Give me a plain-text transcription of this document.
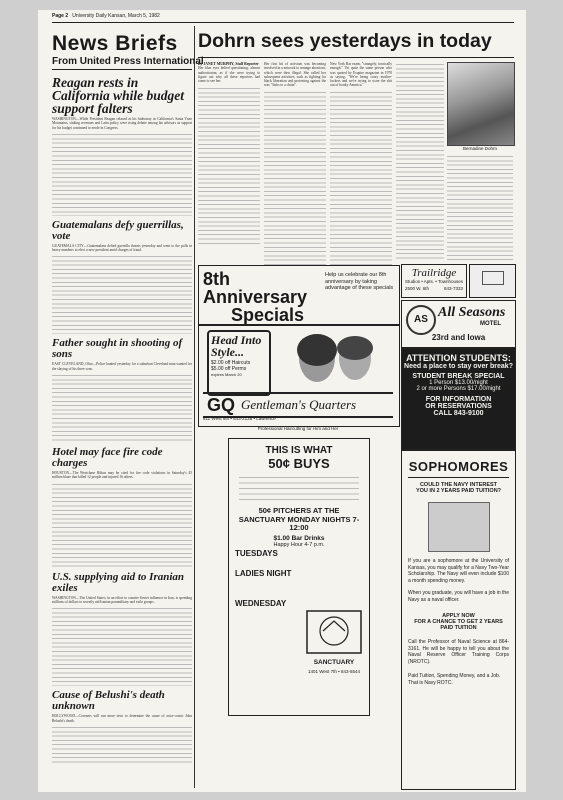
Page 2 University Daily Kansan, March 5, 1982
News Briefs
From United Press International
Reagan rests in California while budget support falters
WASHINGTON—While President Reagan relaxed at his hideaway in California's Santa Ynez Mountains, sinking revenues and Latin policy were rising debate among his advisors as support for his budget continued to erode in Congress.
Guatemalans defy guerrillas, vote
GUATEMALA CITY—Guatemalans defied guerrilla threats yesterday and went to the polls in heavy numbers to elect a new president amid charges of fraud.
Father sought in shooting of sons
EAST CLEVELAND, Ohio—Police hunted yesterday for a suburban Cleveland man wanted for the slaying of his three sons.
Hotel may face fire code charges
HOUSTON—The Westchase Hilton may be cited for fire code violations in Saturday's 45 million blaze that killed 12 people and injured 16 others.
U.S. supplying aid to Iranian exiles
WASHINGTON—The United States, in an effort to counter Soviet influence in Iran, is spending millions of dollars to secretly aid Iranian paramilitary and exile groups.
Cause of Belushi's death unknown
HOLLYWOOD—Coroners will run more tests to determine the cause of actor-comic John Belushi's death.
Dohrn sees yesterdays in today
By JANET MURPHY, Staff Reporter
Her blue eyes belied questioning, almost authoritarian, as if she were trying to figure out why all these reporters had come to see her.
Her first bit of activism was becoming involved in a network to arrange abortions, which were then illegal. She called her subsequent activities, such as fighting for black liberation and protesting against the war, "links to a chain".
New York Bar exam, "strangely, ironically enough." Yet quite the same person who was quoted by Esquire magazine in 1970 as saying, "We're being crazy mother-fuckers and we're trying to scare the shit out of honky America."
Bernadine Dohrn
Trailridge
Studios • Apts. • Townhouses
2500 W. 6th	843-7333
8th Anniversary
Specials
Help us celebrate our 8th anniversary by taking advantage of these specials
Head Into
Style...
$2.00 off Haircuts
$5.00 off Perms
expires March 20
GQ Gentleman's Quarters
611 West 9th • 843-2138 • Lawrence
Professional Haircutting for Him and Her
AS All Seasons
MOTEL
23rd and Iowa
ATTENTION STUDENTS:
Need a place to stay over break?
STUDENT BREAK SPECIAL
1 Person $13.00/night
2 or more Persons $17.00/night
FOR INFORMATION
OR RESERVATIONS
CALL 843-9100
THIS IS WHAT
50¢ BUYS
50¢ PITCHERS AT THE SANCTUARY MONDAY NIGHTS 7-12:00
$1.00 Bar Drinks
Happy Hour 4-7 p.m.
TUESDAYS
LADIES NIGHT
WEDNESDAY
SANCTUARY
1401 West 7th • 843-5544
SOPHOMORES
COULD THE NAVY INTEREST
YOU IN 2 YEARS PAID TUITION?
If you are a sophomore at the University of Kansas, you may qualify for a Navy Two-Year Scholarship. The Navy will even include $100 a month spending money.
When you graduate, you will have a job in the Navy as a naval officer.
APPLY NOW
FOR A CHANCE TO GET 2 YEARS
PAID TUITION
Call the Professor of Naval Science at 864-3161. He will be happy to tell you about the Naval Reserve Officer Training Corps (NROTC).
Paid Tuition, Spending Money, and a Job. That is Navy ROTC.
